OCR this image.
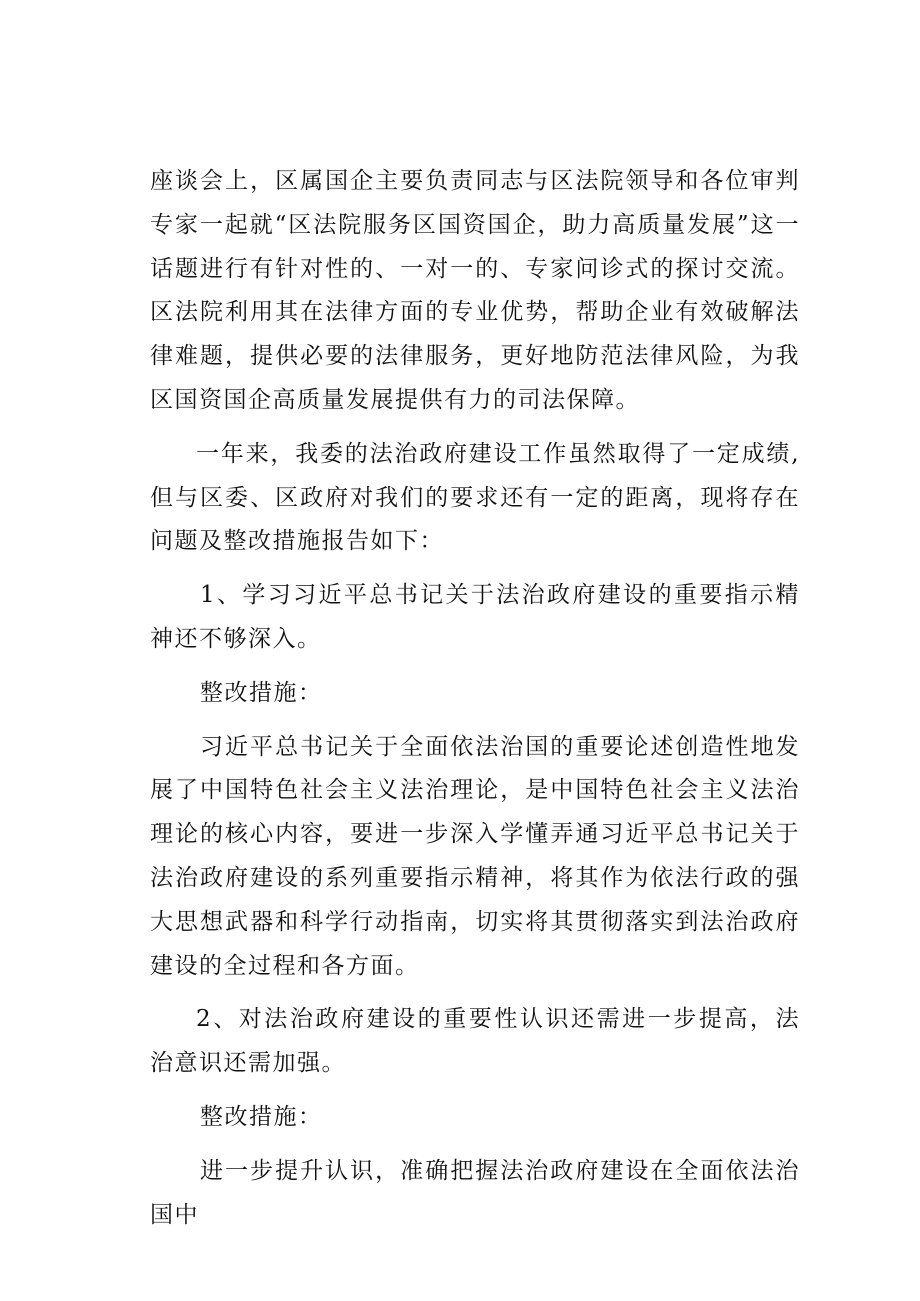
座谈会上，区属国企主要负责同志与区法院领导和各位审判专家一起就“区法院服务区国资国企，助力高质量发展”这一话题进行有针对性的、一对一的、专家问诊式的探讨交流。区法院利用其在法律方面的专业优势，帮助企业有效破解法律难题，提供必要的法律服务，更好地防范法律风险，为我区国资国企高质量发展提供有力的司法保障。

一年来，我委的法治政府建设工作虽然取得了一定成绩,但与区委、区政府对我们的要求还有一定的距离，现将存在问题及整改措施报告如下：

1、学习习近平总书记关于法治政府建设的重要指示精神还不够深入。

整改措施：

习近平总书记关于全面依法治国的重要论述创造性地发展了中国特色社会主义法治理论，是中国特色社会主义法治理论的核心内容，要进一步深入学懂弄通习近平总书记关于法治政府建设的系列重要指示精神，将其作为依法行政的强大思想武器和科学行动指南，切实将其贯彻落实到法治政府建设的全过程和各方面。

2、对法治政府建设的重要性认识还需进一步提高，法治意识还需加强。

整改措施：

进一步提升认识，准确把握法治政府建设在全面依法治国中
